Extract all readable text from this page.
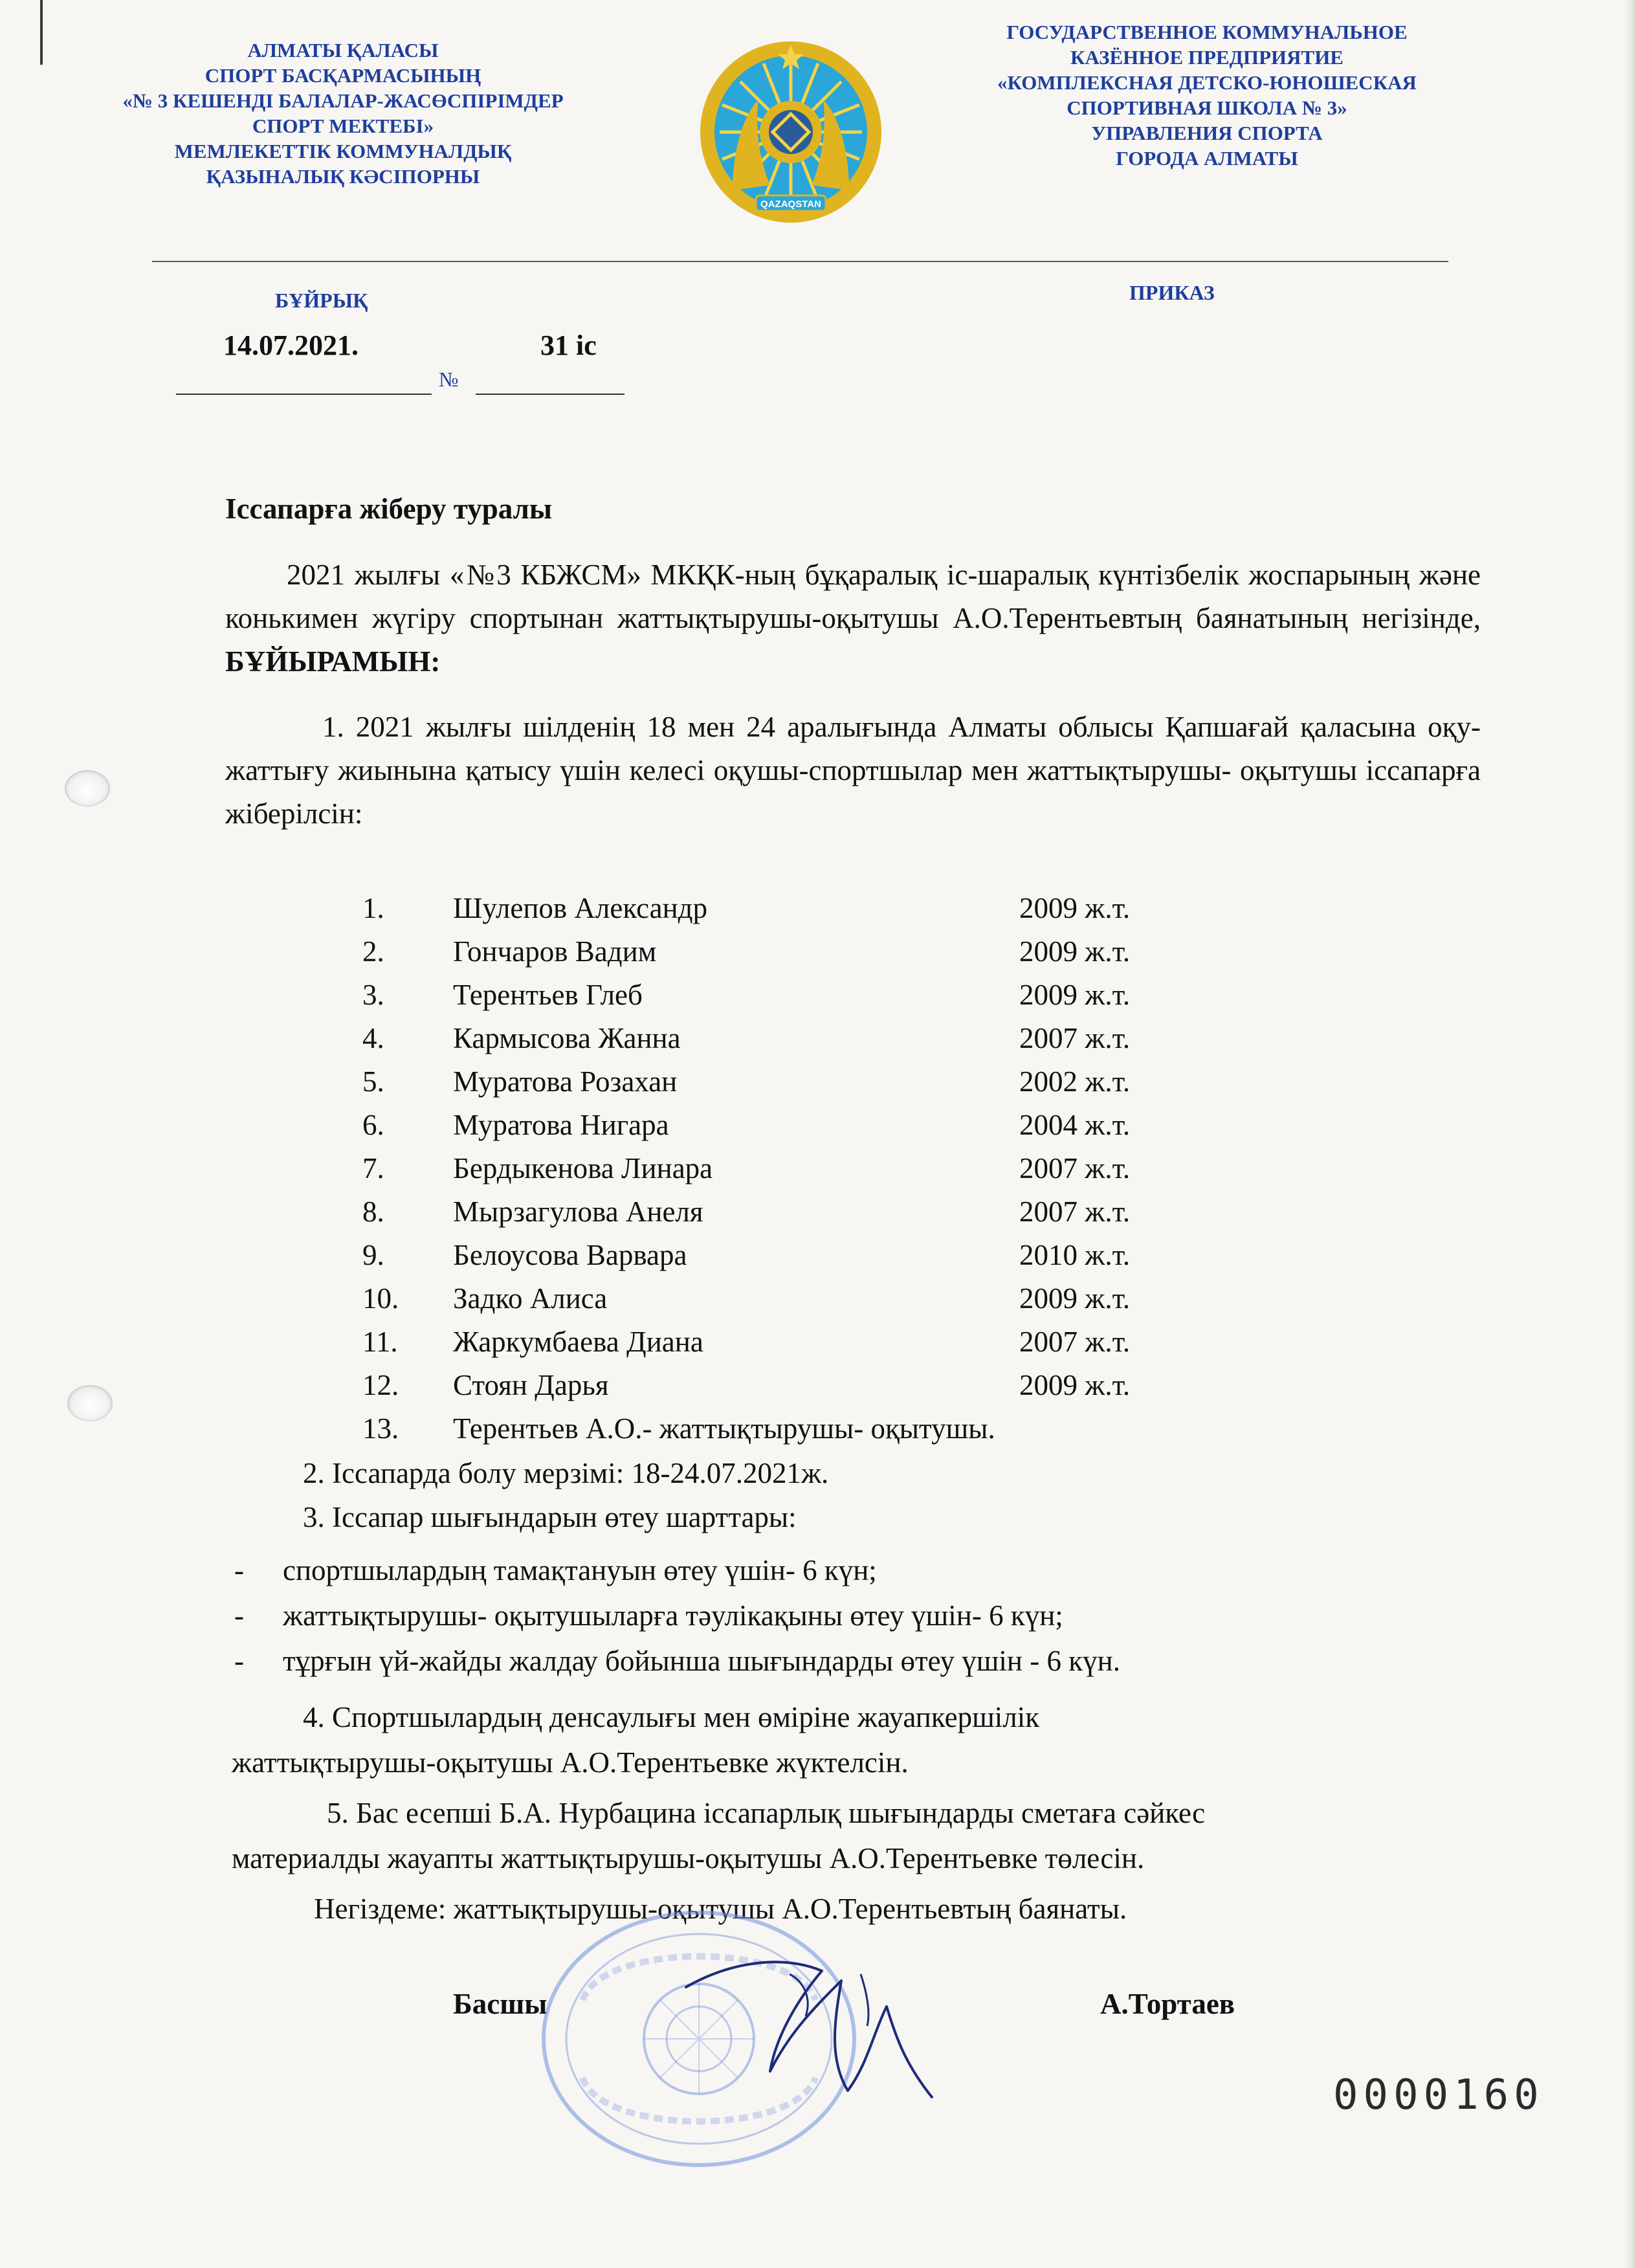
АЛМАТЫ ҚАЛАСЫ
СПОРТ БАСҚАРМАСЫНЫҢ
«№ 3 КЕШЕНДІ БАЛАЛАР-ЖАСӨСПІРІМДЕР
СПОРТ МЕКТЕБІ»
МЕМЛЕКЕТТІК КОММУНАЛДЫҚ
ҚАЗЫНАЛЫҚ КӘСІПОРНЫ
QAZAQSTAN
ГОСУДАРСТВЕННОЕ КОММУНАЛЬНОЕ
КАЗЁННОЕ ПРЕДПРИЯТИЕ
«КОМПЛЕКСНАЯ ДЕТСКО-ЮНОШЕСКАЯ
СПОРТИВНАЯ ШКОЛА № 3»
УПРАВЛЕНИЯ СПОРТА
ГОРОДА АЛМАТЫ
БҰЙРЫҚ	ПРИКАЗ
14.07.2021.
№
31 іс
Іссапарға жіберу туралы
2021 жылғы «№3 КБЖСМ» МКҚК-ның бұқаралық іс-шаралық күнтізбелік жоспарының және конькимен жүгіру спортынан жаттықтырушы-оқытушы А.О.Терентьевтың баянатының негізінде, БҰЙЫРАМЫН:
1. 2021 жылғы шілденің 18 мен 24 аралығында Алматы облысы Қапшағай қаласына оқу-жаттығу жиынына қатысу үшін келесі оқушы-спортшылар мен жаттықтырушы- оқытушы іссапарға жіберілсін:
1.	Шулепов Александр	2009 ж.т.
2.	Гончаров Вадим	2009 ж.т.
3.	Терентьев Глеб	2009 ж.т.
4.	Кармысова Жанна	2007 ж.т.
5.	Муратова Розахан	2002 ж.т.
6.	Муратова Нигара	2004 ж.т.
7.	Бердыкенова Линара	2007 ж.т.
8.	Мырзагулова Анеля	2007 ж.т.
9.	Белоусова Варвара	2010 ж.т.
10.	Задко Алиса	2009 ж.т.
11.	Жаркумбаева Диана	2007 ж.т.
12.	Стоян Дарья	2009 ж.т.
13.	Терентьев А.О.- жаттықтырушы- оқытушы.
2. Іссапарда болу мерзімі: 18-24.07.2021ж.
3. Іссапар шығындарын өтеу шарттары:
- спортшылардың тамақтануын өтеу үшін- 6 күн;
- жаттықтырушы- оқытушыларға тәулікақыны өтеу үшін- 6 күн;
- тұрғын үй-жайды жалдау бойынша шығындарды өтеу үшін - 6 күн.
4. Спортшылардың денсаулығы мен өміріне жауапкершілік
жаттықтырушы-оқытушы А.О.Терентьевке жүктелсін.
5. Бас есепші Б.А. Нурбацина іссапарлық шығындарды сметаға сәйкес
материалды жауапты жаттықтырушы-оқытушы А.О.Терентьевке төлесін.
Негіздеме: жаттықтырушы-оқытушы А.О.Терентьевтың баянаты.
Басшы	А.Тортаев
0000160
